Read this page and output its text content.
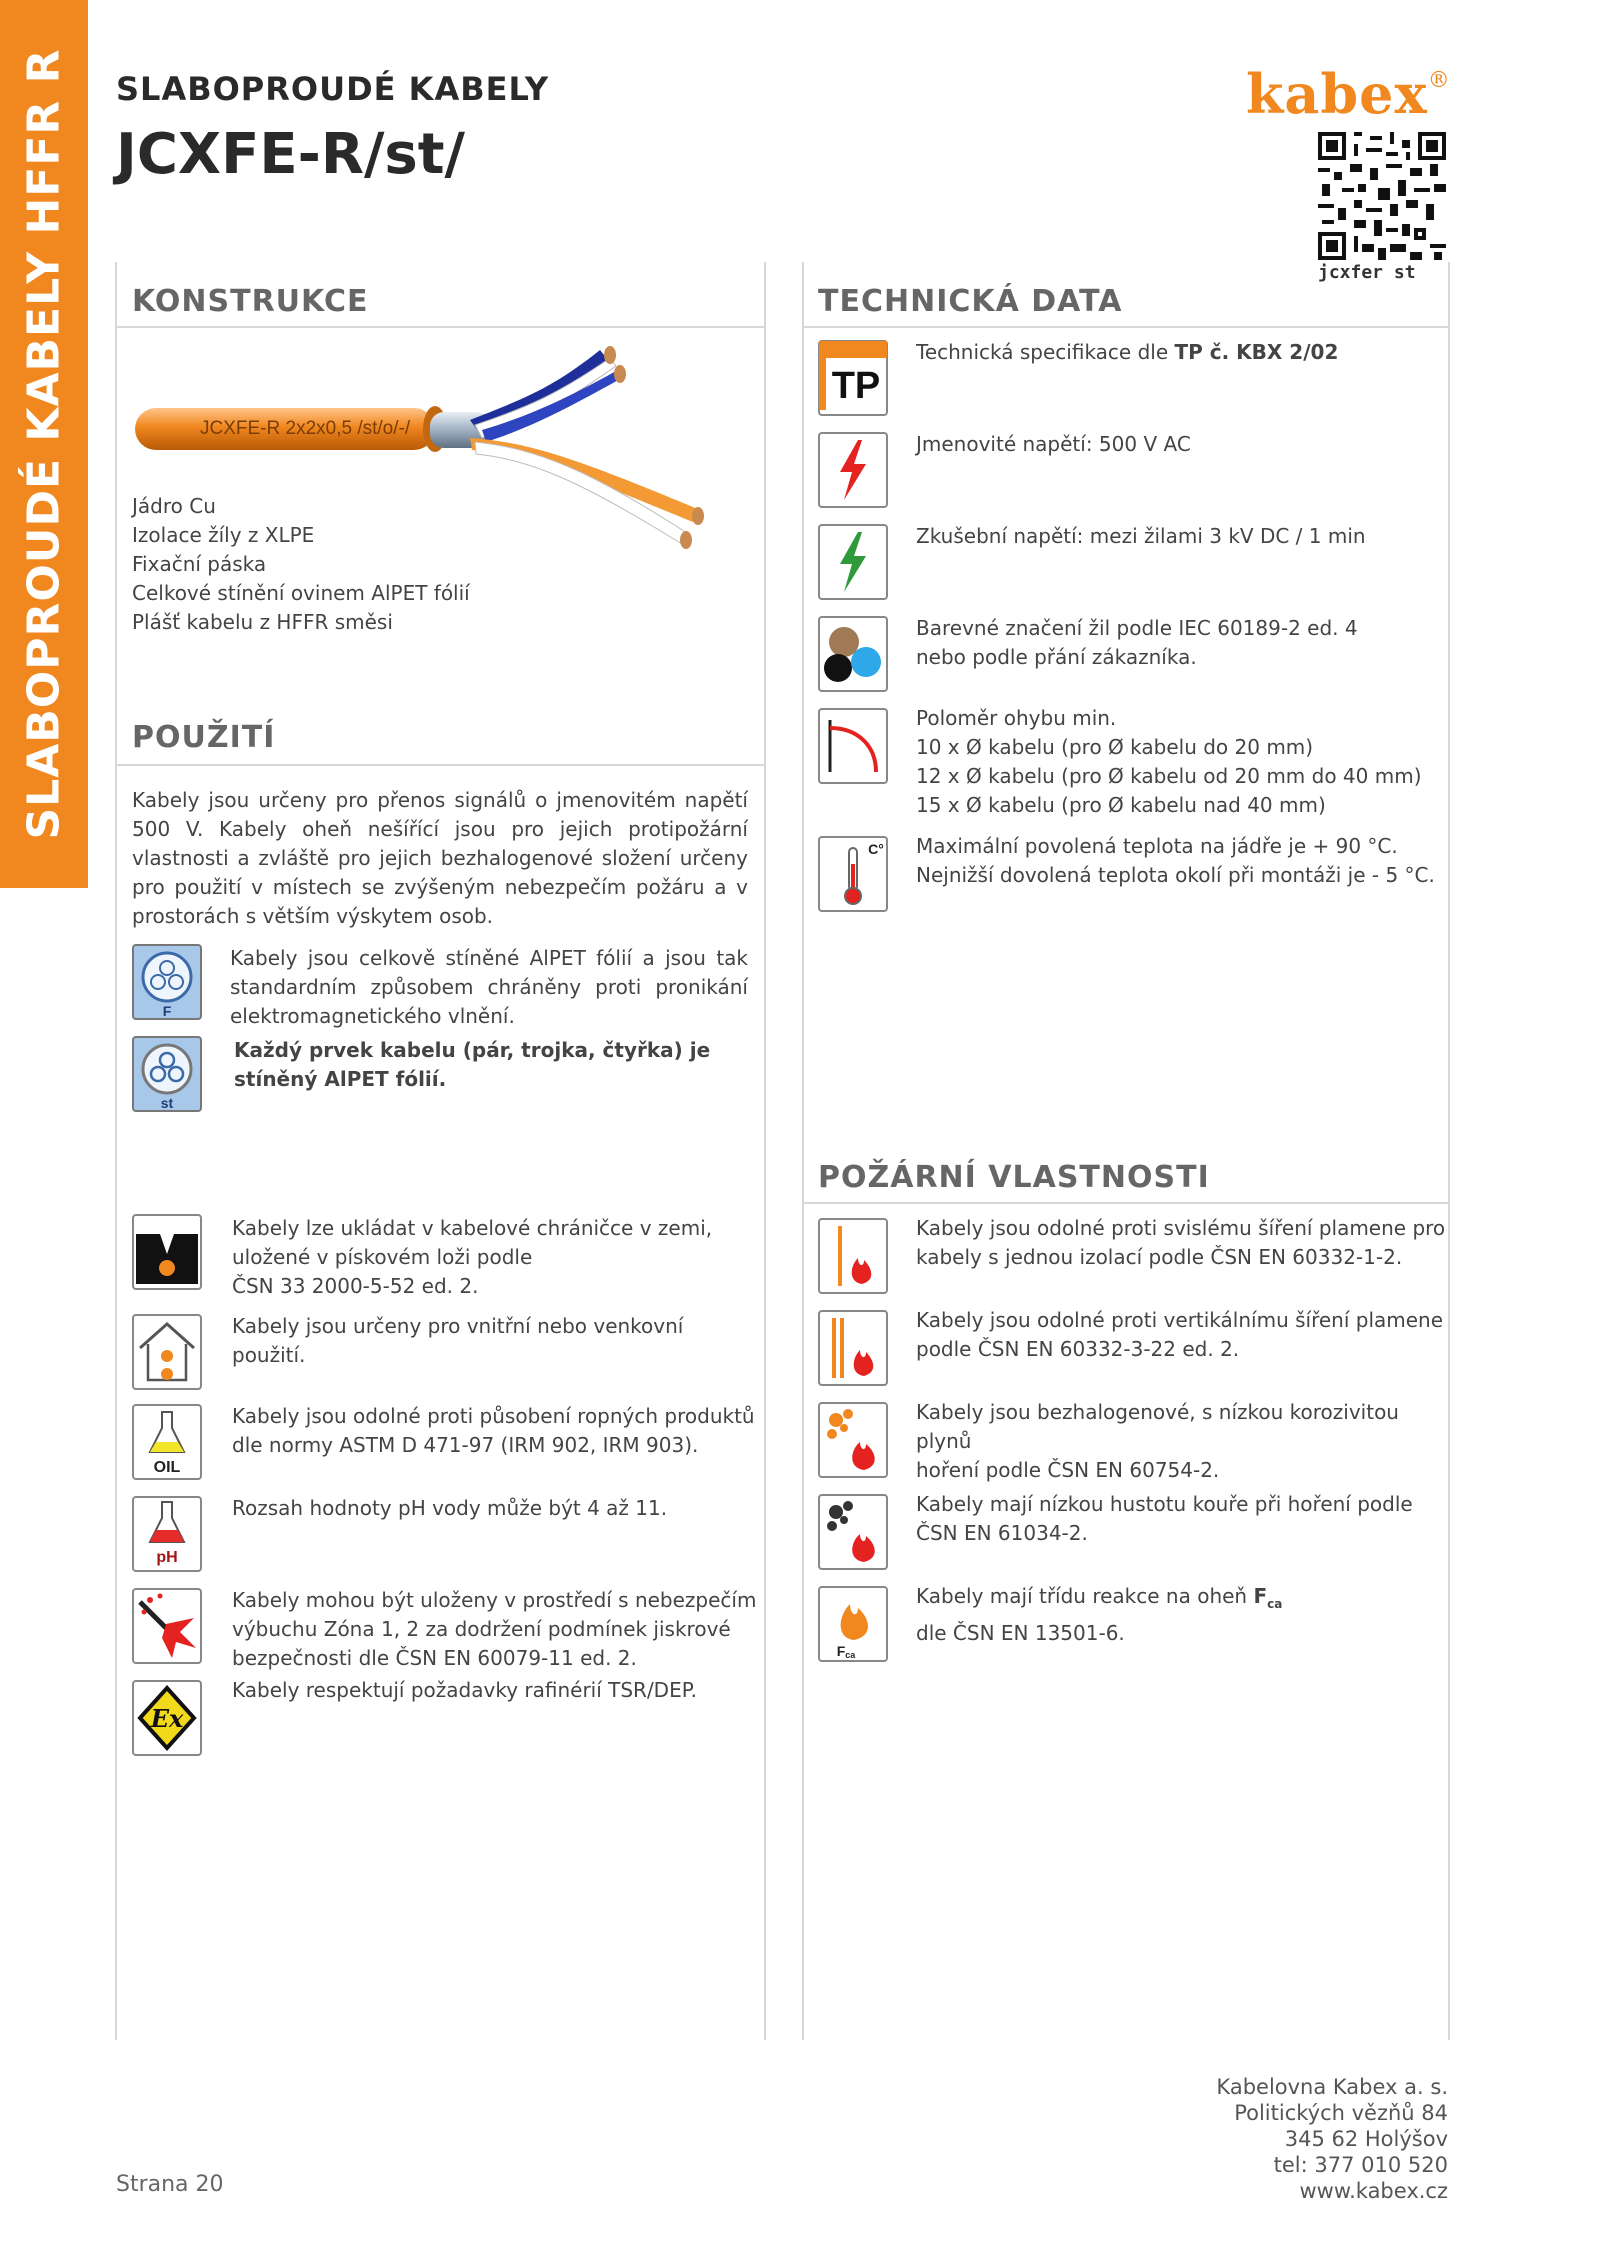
SLABOPROUDÉ KABELY HFFR R SLABOPROUDÉ KABELY
JCXFE-R/st/
kabex®
jcxfer st
KONSTRUKCE
JCXFE-R 2x2x0,5 /st/o/-/
Jádro Cu
Izolace žíly z XLPE
Fixační páska
Celkové stínění ovinem AlPET fólií
Plášť kabelu z HFFR směsi
POUŽITÍ
Kabely jsou určeny pro přenos signálů o jmenovitém napětí 500 V. Kabely oheň nešířící jsou pro jejich protipožární vlastnosti a zvláště pro jejich bezhalogenové složení určeny pro použití v místech se zvýšeným nebezpečím požáru a v prostorách s větším výskytem osob.
F
Kabely jsou celkově stíněné AlPET fólií a jsou tak standardním způsobem chráněny proti pronikání elektromagnetického vlnění.
st
Každý prvek kabelu (pár, trojka, čtyřka) je stíněný AlPET fólií.
Kabely lze ukládat v kabelové chráničce v zemi,
uložené v pískovém loži podle
ČSN 33 2000-5-52 ed. 2.
Kabely jsou určeny pro vnitřní nebo venkovní použití.
OIL
Kabely jsou odolné proti působení ropných produktů
dle normy ASTM D 471-97 (IRM 902, IRM 903).
pH
Rozsah hodnoty pH vody může být 4 až 11.
Kabely mohou být uloženy v prostředí s nebezpečím
výbuchu Zóna 1, 2 za dodržení podmínek jiskrové
bezpečnosti dle ČSN EN 60079-11 ed. 2.
Ex
Kabely respektují požadavky rafinérií TSR/DEP.
TECHNICKÁ DATA
TP
Technická specifikace dle TP č. KBX 2/02
Jmenovité napětí: 500 V AC
Zkušební napětí: mezi žilami 3 kV DC / 1 min
Barevné značení žil podle IEC 60189-2 ed. 4
nebo podle přání zákazníka.
Poloměr ohybu min.
10 x Ø kabelu (pro Ø kabelu do 20 mm)
12 x Ø kabelu (pro Ø kabelu od 20 mm do 40 mm)
15 x Ø kabelu (pro Ø kabelu nad 40 mm)
C° Maximální povolená teplota na jádře je + 90 °C.
Nejnižší dovolená teplota okolí při montáži je - 5 °C.
POŽÁRNÍ VLASTNOSTI
Kabely jsou odolné proti svislému šíření plamene pro
kabely s jednou izolací podle ČSN EN 60332-1-2.
Kabely jsou odolné proti vertikálnímu šíření plamene
podle ČSN EN 60332-3-22 ed. 2.
Kabely jsou bezhalogenové, s nízkou korozivitou plynů
hoření podle ČSN EN 60754-2.
Kabely mají nízkou hustotu kouře při hoření podle
ČSN EN 61034-2.
Fca
Kabely mají třídu reakce na oheň $F_{ca}$
dle ČSN EN 13501-6.
Strana 20
Kabelovna Kabex a. s.
Politických vězňů 84
345 62 Holýšov
tel: 377 010 520
www.kabex.cz
